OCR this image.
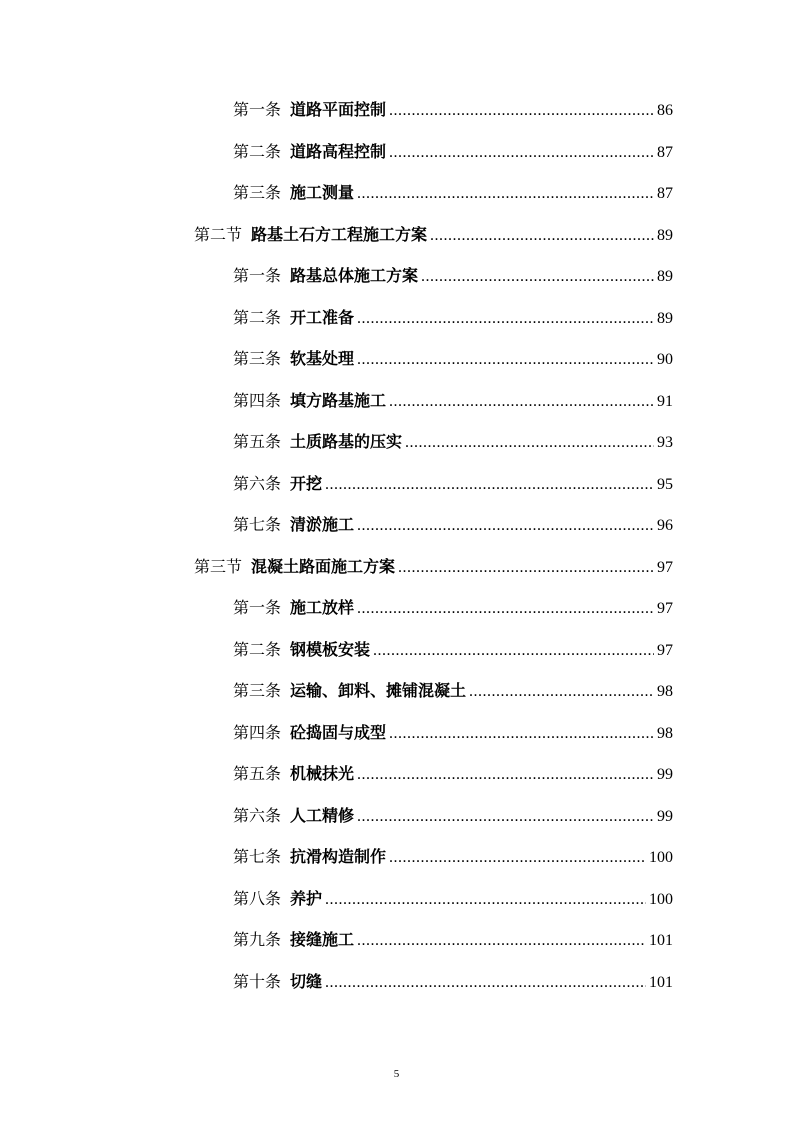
第一条 道路平面控制 .....	86
第二条 道路高程控制 .....	87
第三条 施工测量 .....	87
第二节 路基土石方工程施工方案 .....	89
第一条 路基总体施工方案 .....	89
第二条 开工准备 .....	89
第三条 软基处理 .....	90
第四条 填方路基施工 .....	91
第五条 土质路基的压实 .....	93
第六条 开挖 .....	95
第七条 清淤施工 .....	96
第三节 混凝土路面施工方案 .....	97
第一条 施工放样 .....	97
第二条 钢模板安装 .....	97
第三条 运输、卸料、摊铺混凝土 .....	98
第四条 砼捣固与成型 .....	98
第五条 机械抹光 .....	99
第六条 人工精修 .....	99
第七条 抗滑构造制作 .....	100
第八条 养护 .....	100
第九条 接缝施工 .....	101
第十条 切缝 .....	101
5
